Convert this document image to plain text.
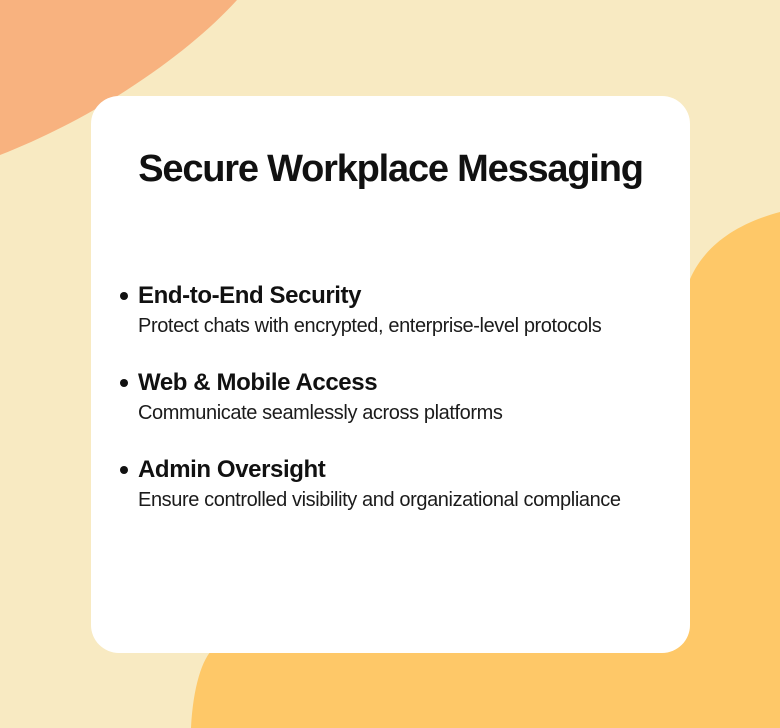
Secure Workplace Messaging
End-to-End Security
Protect chats with encrypted, enterprise-level protocols
Web & Mobile Access
Communicate seamlessly across platforms
Admin Oversight
Ensure controlled visibility and organizational compliance
